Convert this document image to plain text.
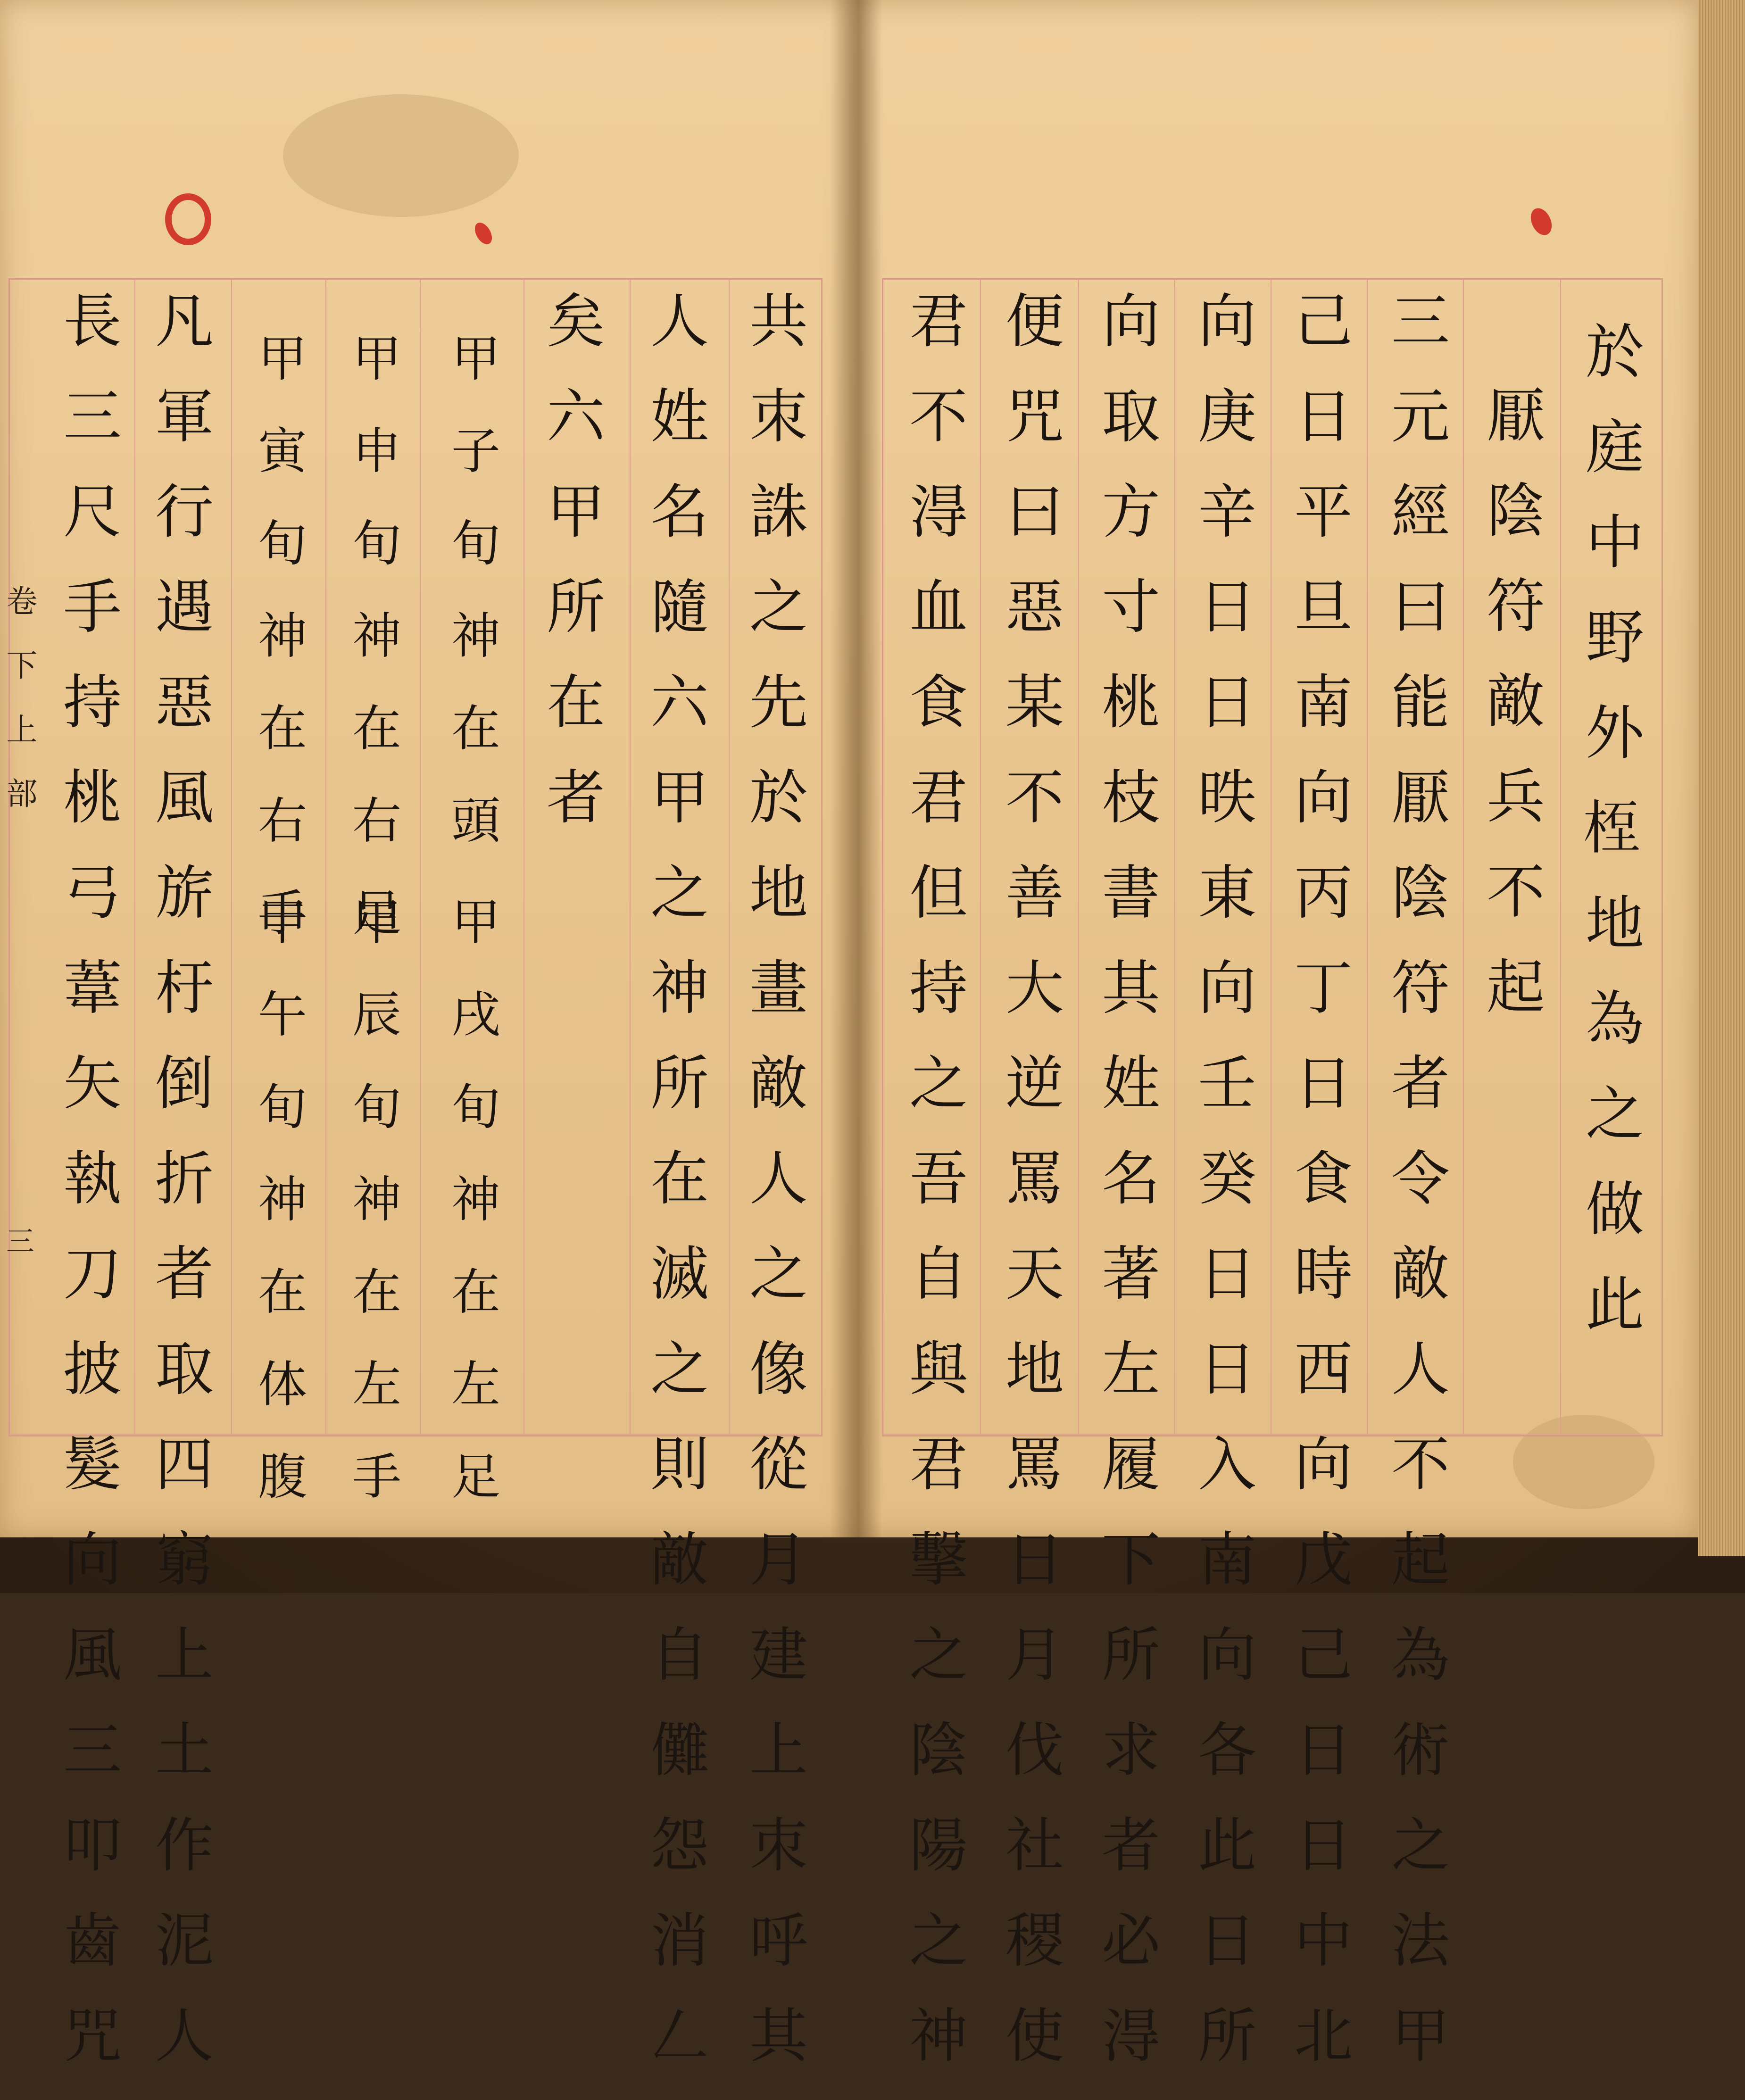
卷下上部
三	共朿誅之先於地畫敵人之像從月建上朿呼其
人姓名隨六甲之神所在滅之則敵自儺怨消𠃋
矣六甲所在者
甲子旬神在頭
甲戌旬神在左足
甲申旬神在右足
甲辰旬神在左手
甲寅旬神在右手
甲午旬神在体腹
凡軍行遇惡風旂杅倒折者取四窮上土作泥人
長三尺手持桃弓葦矢執刀披髮向風三叩齒咒	於庭中野外𥒯地為之做此
厭陰符敵兵不起
三元經曰能厭陰符者令敵人不起為術之法甲
己日平旦南向丙丁日食時西向戊己日日中北
向庚辛日日昳東向壬癸日日入南向各此日所
向取方寸桃枝書其姓名著左履下所求者必淂
便咒曰惡某不善大逆罵天地罵日月伐社稷使
君不淂血食君但持之吾自與君擊之陰陽之神
